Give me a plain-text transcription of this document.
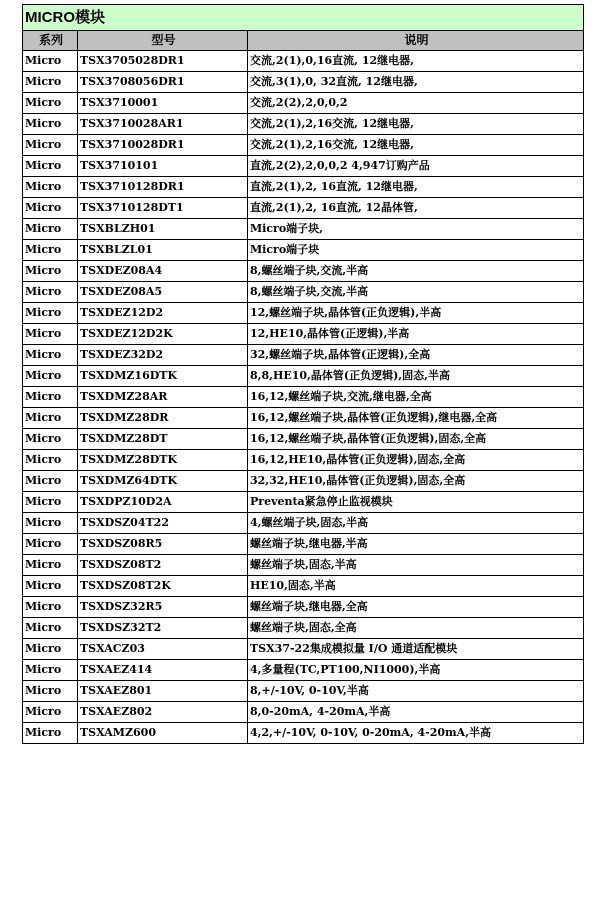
MICRO模块		
系列	型号	说明
Micro	TSX3705028DR1	交流,2(1),0,16直流, 12继电器,
Micro	TSX3708056DR1	交流,3(1),0, 32直流, 12继电器,
Micro	TSX3710001	交流,2(2),2,0,0,2
Micro	TSX3710028AR1	交流,2(1),2,16交流, 12继电器,
Micro	TSX3710028DR1	交流,2(1),2,16交流, 12继电器,
Micro	TSX3710101	直流,2(2),2,0,0,2 4,947订购产品
Micro	TSX3710128DR1	直流,2(1),2, 16直流, 12继电器,
Micro	TSX3710128DT1	直流,2(1),2, 16直流, 12晶体管,
Micro	TSXBLZH01	Micro端子块,
Micro	TSXBLZL01	Micro端子块
Micro	TSXDEZ08A4	8,螺丝端子块,交流,半高
Micro	TSXDEZ08A5	8,螺丝端子块,交流,半高
Micro	TSXDEZ12D2	12,螺丝端子块,晶体管(正负逻辑),半高
Micro	TSXDEZ12D2K	12,HE10,晶体管(正逻辑),半高
Micro	TSXDEZ32D2	32,螺丝端子块,晶体管(正逻辑),全高
Micro	TSXDMZ16DTK	8,8,HE10,晶体管(正负逻辑),固态,半高
Micro	TSXDMZ28AR	16,12,螺丝端子块,交流,继电器,全高
Micro	TSXDMZ28DR	16,12,螺丝端子块,晶体管(正负逻辑),继电器,全高
Micro	TSXDMZ28DT	16,12,螺丝端子块,晶体管(正负逻辑),固态,全高
Micro	TSXDMZ28DTK	16,12,HE10,晶体管(正负逻辑),固态,全高
Micro	TSXDMZ64DTK	32,32,HE10,晶体管(正负逻辑),固态,全高
Micro	TSXDPZ10D2A	Preventa紧急停止监视模块
Micro	TSXDSZ04T22	4,螺丝端子块,固态,半高
Micro	TSXDSZ08R5	螺丝端子块,继电器,半高
Micro	TSXDSZ08T2	螺丝端子块,固态,半高
Micro	TSXDSZ08T2K	HE10,固态,半高
Micro	TSXDSZ32R5	螺丝端子块,继电器,全高
Micro	TSXDSZ32T2	螺丝端子块,固态,全高
Micro	TSXACZ03	TSX37-22集成模拟量 I/O 通道适配模块
Micro	TSXAEZ414	4,多量程(TC,PT100,NI1000),半高
Micro	TSXAEZ801	8,+/-10V, 0-10V,半高
Micro	TSXAEZ802	8,0-20mA, 4-20mA,半高
Micro	TSXAMZ600	4,2,+/-10V, 0-10V, 0-20mA, 4-20mA,半高
